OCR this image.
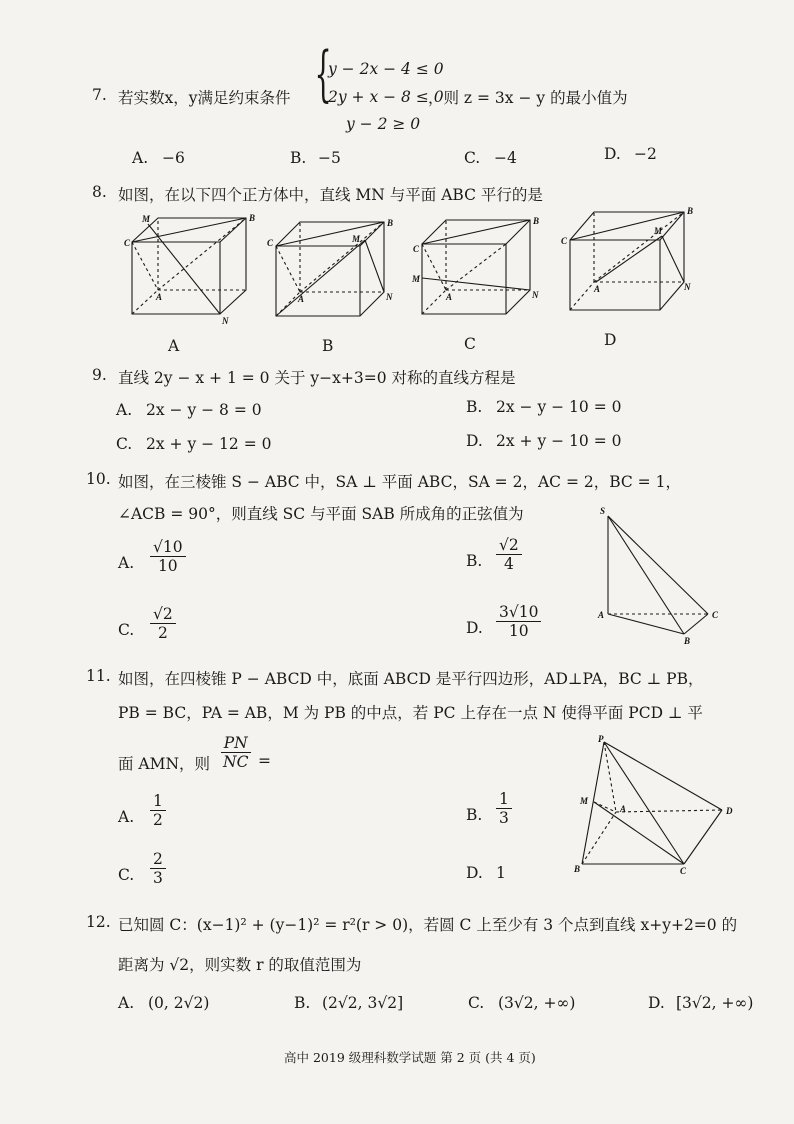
7. 若实数x，y满足约束条件 {
y − 2x − 4 ≤ 0
2y + x − 8 ≤ 0
y − 2 ≥ 0
，则 z = 3x − y 的最小值为
A. −6	B. −5	C. −4	D. −2
8. 如图，在以下四个正方体中，直线 MN 与平面 ABC 平行的是
M	B
C
A
N
A
B
C	M
A	N
B
C
B
M
A	N
C
B
C
M
A	N
D
9. 直线 2y − x + 1 = 0 关于 y−x+3=0 对称的直线方程是
A. 2x − y − 8 = 0	B. 2x − y − 10 = 0
C. 2x + y − 12 = 0	D. 2x + y − 10 = 0
10. 如图，在三棱锥 S − ABC 中，SA ⊥ 平面 ABC，SA = 2，AC = 2，BC = 1，
∠ACB = 90°，则直线 SC 与平面 SAB 所成角的正弦值为
A. $\frac{√10}{10}$	B. $\frac{√2}{4}$
C. $\frac{√2}{2}$	D. $\frac{3√10}{10}$
S
A	C
B
11. 如图，在四棱锥 P − ABCD 中，底面 ABCD 是平行四边形，AD⊥PA，BC ⊥ PB，
PB = BC，PA = AB，M 为 PB 的中点，若 PC 上存在一点 N 使得平面 PCD ⊥ 平
面 AMN，则 $\frac{PN}{NC}$ =
A. $\frac{1}{2}$	B. $\frac{1}{3}$
C. $\frac{2}{3}$	D. 1
P
M
A	D
B	C
12. 已知圆 C：(x−1)² + (y−1)² = r²(r > 0)，若圆 C 上至少有 3 个点到直线 x+y+2=0 的
距离为 √2，则实数 r 的取值范围为
A. (0, 2√2)	B. (2√2, 3√2]	C. (3√2, +∞)	D. [3√2, +∞)
高中 2019 级理科数学试题 第 2 页 (共 4 页)
